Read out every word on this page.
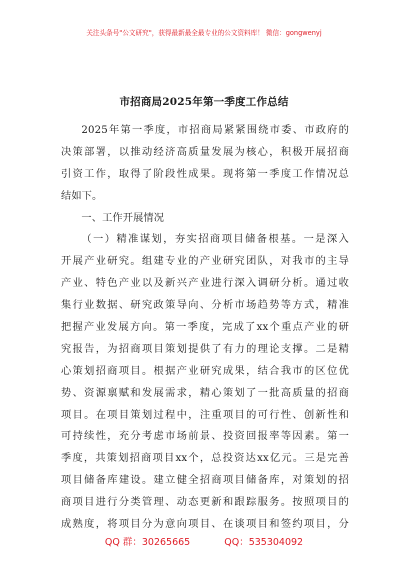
关注头条号"公文研究"，获得最新最全最专业的公文资料库！ 微信：gongwenyj
市招商局2025年第一季度工作总结
2025年第一季度，市招商局紧紧围绕市委、市政府的
决策部署，以推动经济高质量发展为核心，积极开展招商
引资工作，取得了阶段性成果。现将第一季度工作情况总
结如下。
一、工作开展情况
（一）精准谋划，夯实招商项目储备根基。一是深入
开展产业研究。组建专业的产业研究团队，对我市的主导
产业、特色产业以及新兴产业进行深入调研分析。通过收
集行业数据、研究政策导向、分析市场趋势等方式，精准
把握产业发展方向。第一季度，完成了xx个重点产业的研
究报告，为招商项目策划提供了有力的理论支撑。二是精
心策划招商项目。根据产业研究成果，结合我市的区位优
势、资源禀赋和发展需求，精心策划了一批高质量的招商
项目。在项目策划过程中，注重项目的可行性、创新性和
可持续性，充分考虑市场前景、投资回报率等因素。第一
季度，共策划招商项目xx个，总投资达xx亿元。三是完善
项目储备库建设。建立健全招商项目储备库，对策划的招
商项目进行分类管理、动态更新和跟踪服务。按照项目的
成熟度，将项目分为意向项目、在谈项目和签约项目，分
QQ 群：30265665	QQ：535304092
